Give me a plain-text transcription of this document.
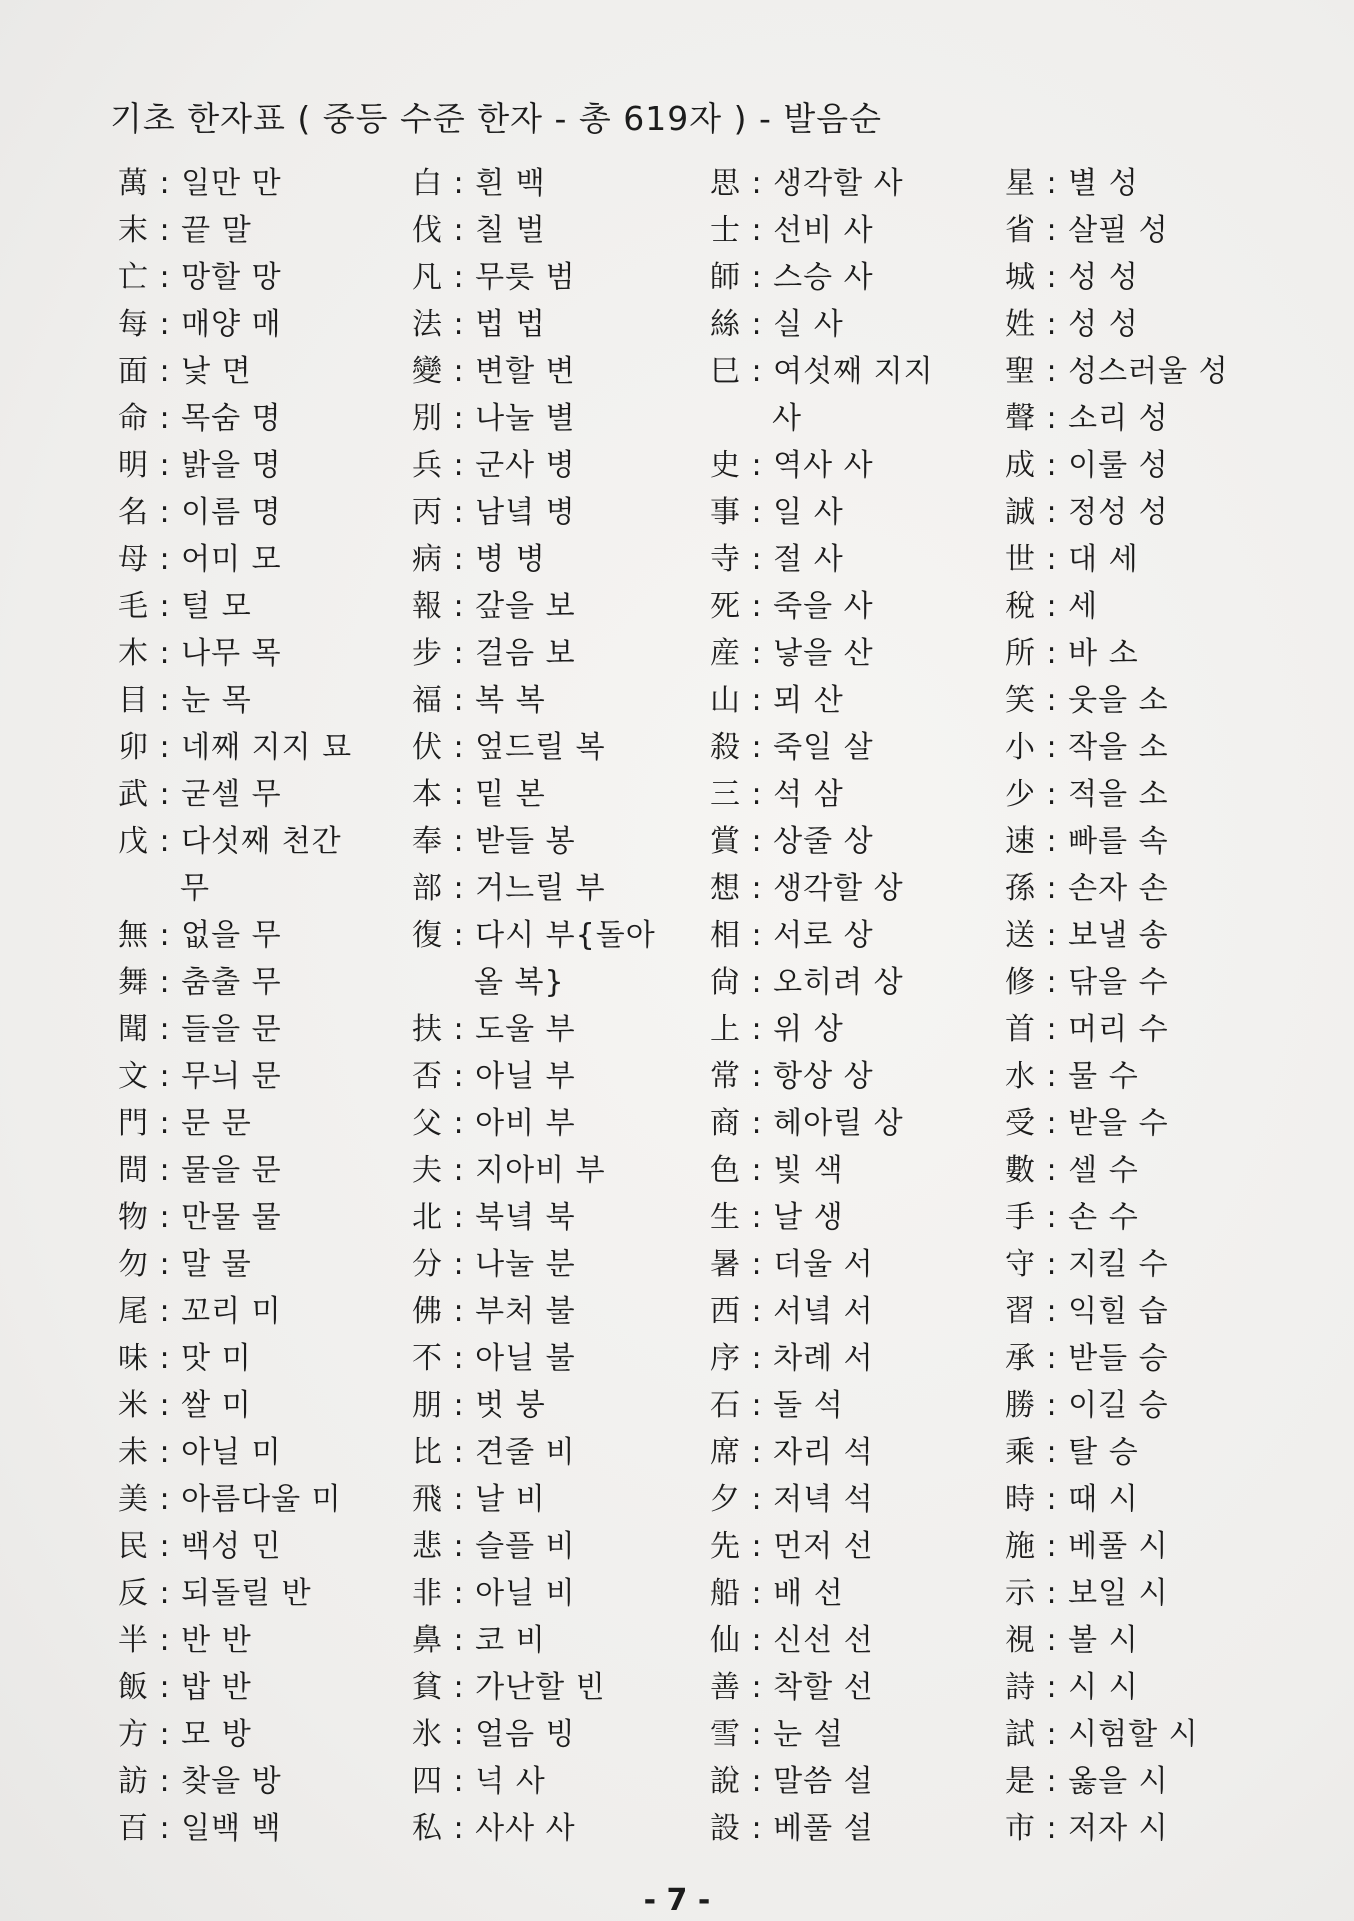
기초 한자표 ( 중등 수준 한자 - 총 619자 ) - 발음순
萬 : 일만 만
末 : 끝 말
亡 : 망할 망
每 : 매양 매
面 : 낯 면
命 : 목숨 명
明 : 밝을 명
名 : 이름 명
母 : 어미 모
毛 : 털 모
木 : 나무 목
目 : 눈 목
卯 : 네째 지지 묘
武 : 굳셀 무
戊 : 다섯째 천간
무
無 : 없을 무
舞 : 춤출 무
聞 : 들을 문
文 : 무늬 문
門 : 문 문
問 : 물을 문
物 : 만물 물
勿 : 말 물
尾 : 꼬리 미
味 : 맛 미
米 : 쌀 미
未 : 아닐 미
美 : 아름다울 미
民 : 백성 민
反 : 되돌릴 반
半 : 반 반
飯 : 밥 반
方 : 모 방
訪 : 찾을 방
百 : 일백 백
白 : 흰 백
伐 : 칠 벌
凡 : 무릇 범
法 : 법 법
變 : 변할 변
別 : 나눌 별
兵 : 군사 병
丙 : 남녘 병
病 : 병 병
報 : 갚을 보
步 : 걸음 보
福 : 복 복
伏 : 엎드릴 복
本 : 밑 본
奉 : 받들 봉
部 : 거느릴 부
復 : 다시 부{돌아
올 복}
扶 : 도울 부
否 : 아닐 부
父 : 아비 부
夫 : 지아비 부
北 : 북녘 북
分 : 나눌 분
佛 : 부처 불
不 : 아닐 불
朋 : 벗 붕
比 : 견줄 비
飛 : 날 비
悲 : 슬플 비
非 : 아닐 비
鼻 : 코 비
貧 : 가난할 빈
氷 : 얼음 빙
四 : 넉 사
私 : 사사 사
思 : 생각할 사
士 : 선비 사
師 : 스승 사
絲 : 실 사
巳 : 여섯째 지지
사
史 : 역사 사
事 : 일 사
寺 : 절 사
死 : 죽을 사
産 : 낳을 산
山 : 뫼 산
殺 : 죽일 살
三 : 석 삼
賞 : 상줄 상
想 : 생각할 상
相 : 서로 상
尙 : 오히려 상
上 : 위 상
常 : 항상 상
商 : 헤아릴 상
色 : 빛 색
生 : 날 생
暑 : 더울 서
西 : 서녘 서
序 : 차례 서
石 : 돌 석
席 : 자리 석
夕 : 저녁 석
先 : 먼저 선
船 : 배 선
仙 : 신선 선
善 : 착할 선
雪 : 눈 설
說 : 말씀 설
設 : 베풀 설
星 : 별 성
省 : 살필 성
城 : 성 성
姓 : 성 성
聖 : 성스러울 성
聲 : 소리 성
成 : 이룰 성
誠 : 정성 성
世 : 대 세
稅 : 세
所 : 바 소
笑 : 웃을 소
小 : 작을 소
少 : 적을 소
速 : 빠를 속
孫 : 손자 손
送 : 보낼 송
修 : 닦을 수
首 : 머리 수
水 : 물 수
受 : 받을 수
數 : 셀 수
手 : 손 수
守 : 지킬 수
習 : 익힐 습
承 : 받들 승
勝 : 이길 승
乘 : 탈 승
時 : 때 시
施 : 베풀 시
示 : 보일 시
視 : 볼 시
詩 : 시 시
試 : 시험할 시
是 : 옳을 시
市 : 저자 시
- 7 -
